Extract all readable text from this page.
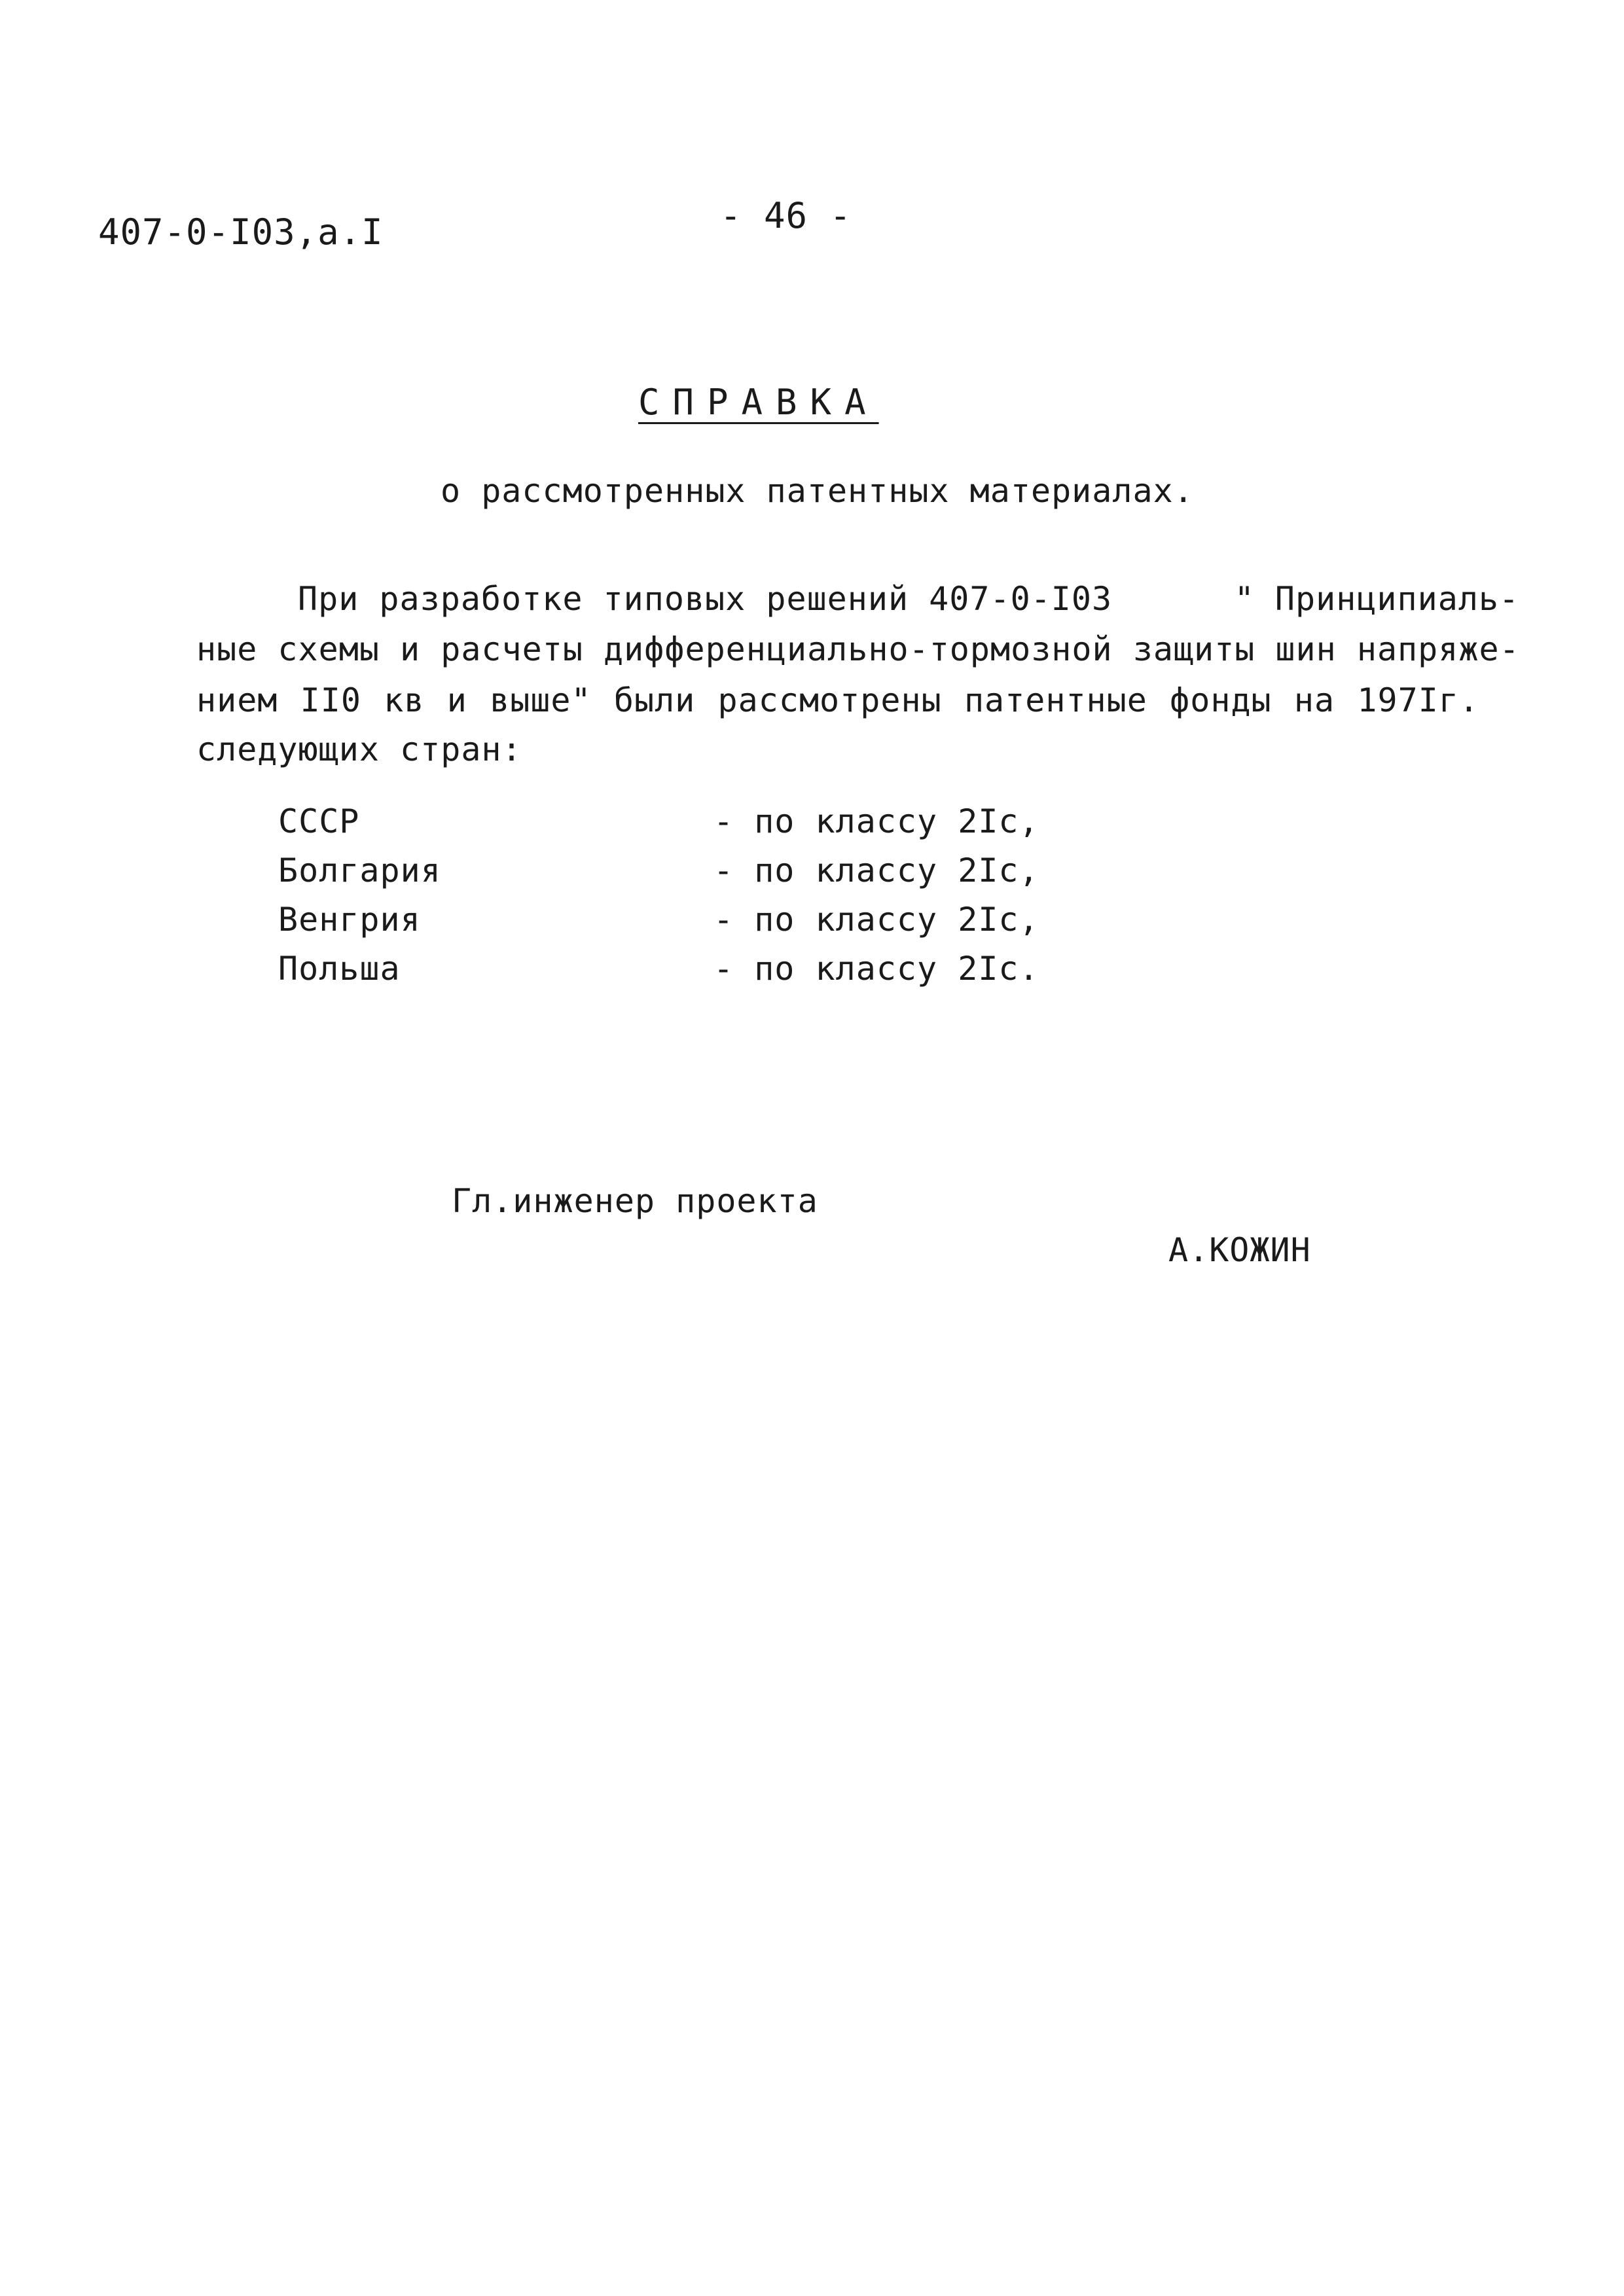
407-0-I03,a.I	- 46 -
СПРАВКА
о рассмотренных патентных материалах.
При разработке типовых решений 407-0-I03      " Принципиаль-
ные схемы и расчеты дифференциально-тормозной защиты шин напряже-
нием II0 кв и выше" были рассмотрены патентные фонды на 197Iг.
следующих стран:
СССР	- по классу 2Iс,
Болгария	- по классу 2Iс,
Венгрия	- по классу 2Iс,
Польша	- по классу 2Iс.
Гл.инженер проекта
А.КОЖИН
